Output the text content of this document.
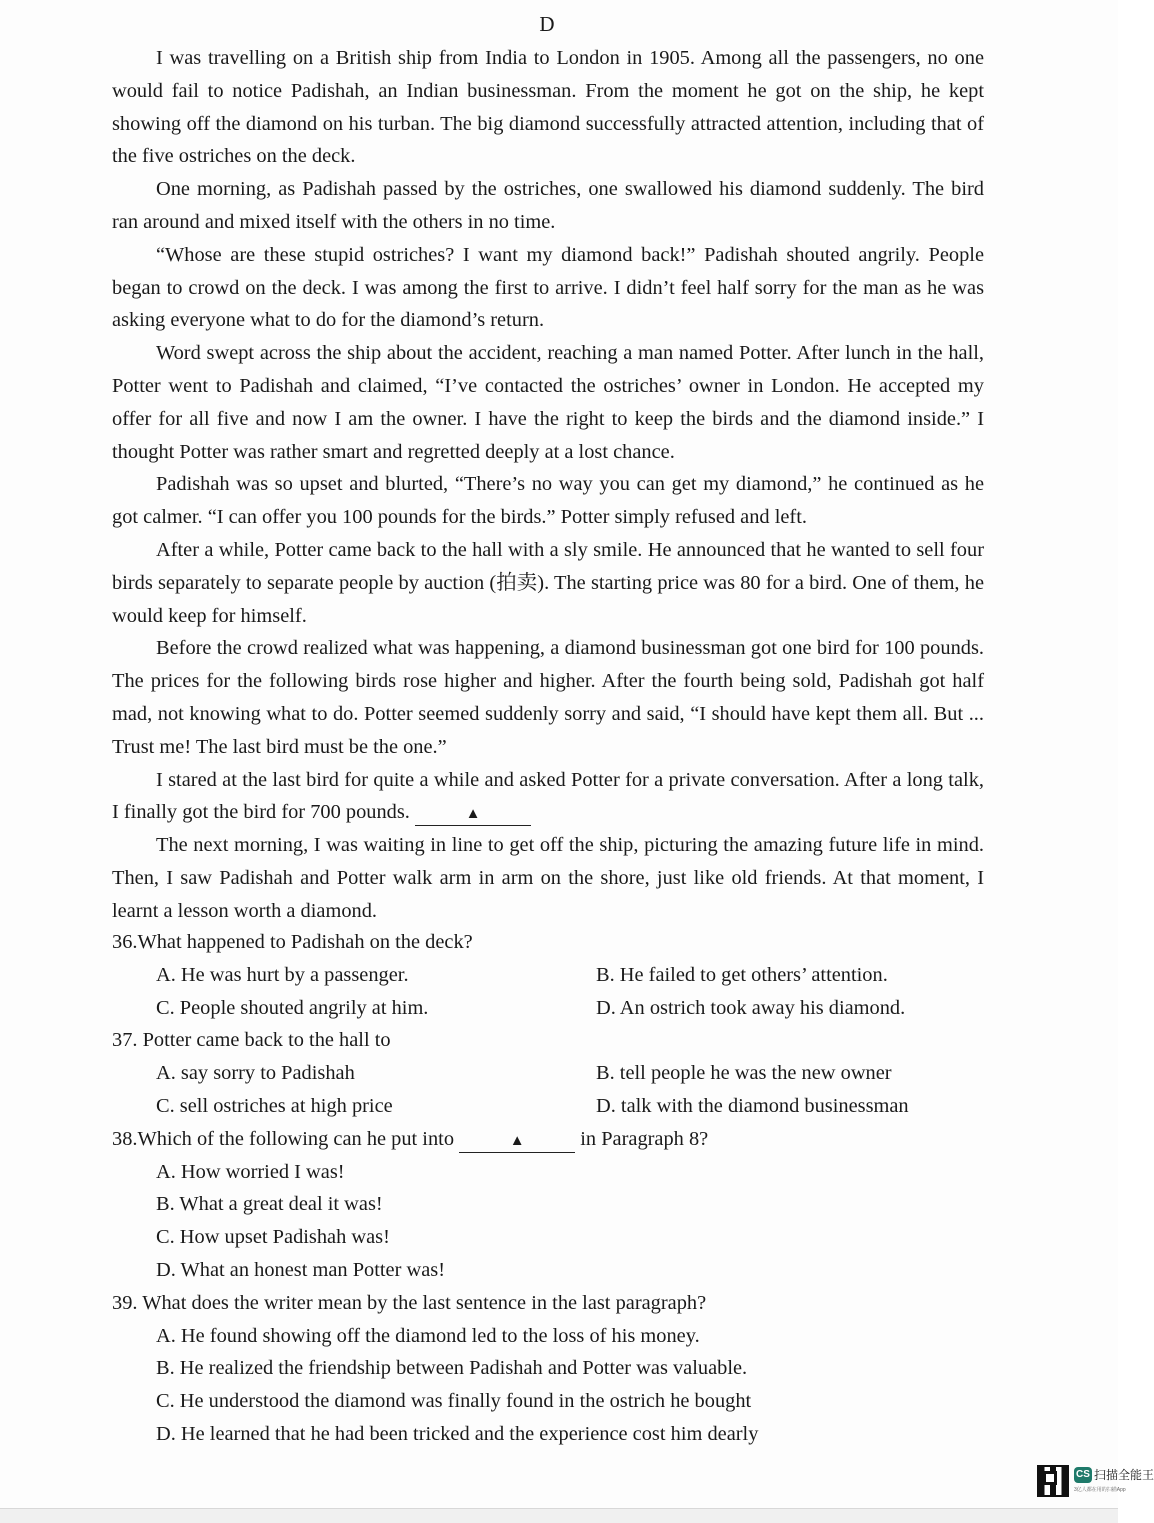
D

I was travelling on a British ship from India to London in 1905. Among all the passengers, no one would fail to notice Padishah, an Indian businessman. From the moment he got on the ship, he kept showing off the diamond on his turban. The big diamond successfully attracted attention, including that of the five ostriches on the deck.

One morning, as Padishah passed by the ostriches, one swallowed his diamond suddenly. The bird ran around and mixed itself with the others in no time.

“Whose are these stupid ostriches? I want my diamond back!” Padishah shouted angrily. People began to crowd on the deck. I was among the first to arrive. I didn’t feel half sorry for the man as he was asking everyone what to do for the diamond’s return.

Word swept across the ship about the accident, reaching a man named Potter. After lunch in the hall, Potter went to Padishah and claimed, “I’ve contacted the ostriches’ owner in London. He accepted my offer for all five and now I am the owner. I have the right to keep the birds and the diamond inside.” I thought Potter was rather smart and regretted deeply at a lost chance.

Padishah was so upset and blurted, “There’s no way you can get my diamond,” he continued as he got calmer. “I can offer you 100 pounds for the birds.” Potter simply refused and left.

After a while, Potter came back to the hall with a sly smile. He announced that he wanted to sell four birds separately to separate people by auction (拍卖). The starting price was 80 for a bird. One of them, he would keep for himself.

Before the crowd realized what was happening, a diamond businessman got one bird for 100 pounds. The prices for the following birds rose higher and higher. After the fourth being sold, Padishah got half mad, not knowing what to do. Potter seemed suddenly sorry and said, “I should have kept them all. But ... Trust me! The last bird must be the one.”

I stared at the last bird for quite a while and asked Potter for a private conversation. After a long talk, I finally got the bird for 700 pounds.	▲

The next morning, I was waiting in line to get off the ship, picturing the amazing future life in mind. Then, I saw Padishah and Potter walk arm in arm on the shore, just like old friends. At that moment, I learnt a lesson worth a diamond.

36.What happened to Padishah on the deck?
A. He was hurt by a passenger.	B. He failed to get others’ attention.
C. People shouted angrily at him.	D. An ostrich took away his diamond.
37. Potter came back to the hall to
A. say sorry to Padishah	B. tell people he was the new owner
C. sell ostriches at high price	D. talk with the diamond businessman
38.Which of the following can he put into	▲	in Paragraph 8?
A. How worried I was!
B. What a great deal it was!
C. How upset Padishah was!
D. What an honest man Potter was!
39. What does the writer mean by the last sentence in the last paragraph?
A. He found showing off the diamond led to the loss of his money.
B. He realized the friendship between Padishah and Potter was valuable.
C. He understood the diamond was finally found in the ostrich he bought
D. He learned that he had been tricked and the experience cost him dearly
CS 扫描全能王
3亿人都在用的扫描App
